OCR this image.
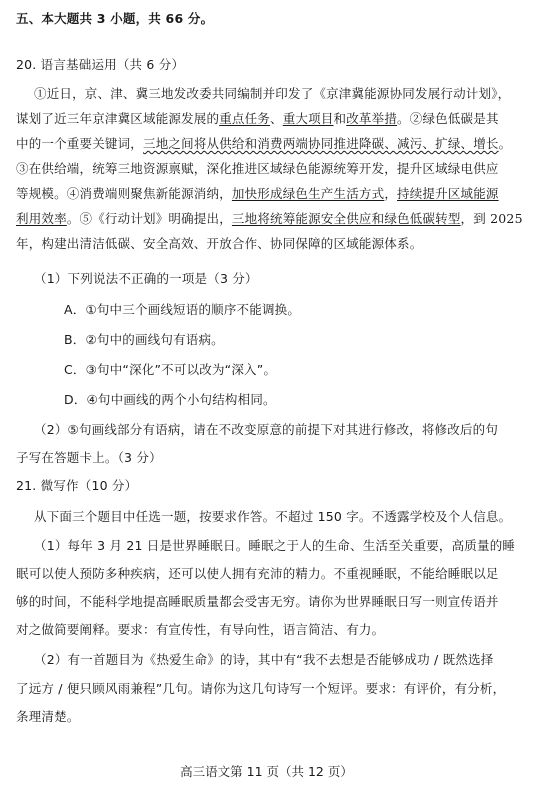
五、本大题共 3 小题，共 66 分。
20. 语言基础运用（共 6 分）
①近日，京、津、冀三地发改委共同编制并印发了《京津冀能源协同发展行动计划》，
谋划了近三年京津冀区域能源发展的重点任务、重大项目和改革举措。②绿色低碳是其
中的一个重要关键词，三地之间将从供给和消费两端协同推进降碳、减污、扩绿、增长。
③在供给端，统筹三地资源禀赋，深化推进区域绿色能源统筹开发，提升区域绿电供应
等规模。④消费端则聚焦新能源消纳，加快形成绿色生产生活方式，持续提升区域能源
利用效率。⑤《行动计划》明确提出，三地将统筹能源安全供应和绿色低碳转型，到 2025
年，构建出清洁低碳、安全高效、开放合作、协同保障的区域能源体系。
（1）下列说法不正确的一项是（3 分）
A．①句中三个画线短语的顺序不能调换。
B．②句中的画线句有语病。
C．③句中“深化”不可以改为“深入”。
D．④句中画线的两个小句结构相同。
（2）⑤句画线部分有语病，请在不改变原意的前提下对其进行修改，将修改后的句
子写在答题卡上。（3 分）
21. 微写作（10 分）
从下面三个题目中任选一题，按要求作答。不超过 150 字。不透露学校及个人信息。
（1）每年 3 月 21 日是世界睡眠日。睡眠之于人的生命、生活至关重要，高质量的睡
眠可以使人预防多种疾病，还可以使人拥有充沛的精力。不重视睡眠，不能给睡眠以足
够的时间，不能科学地提高睡眠质量都会受害无穷。请你为世界睡眠日写一则宣传语并
对之做简要阐释。要求：有宣传性，有导向性，语言简洁、有力。
（2）有一首题目为《热爱生命》的诗，其中有“我不去想是否能够成功 / 既然选择
了远方 / 便只顾风雨兼程”几句。请你为这几句诗写一个短评。要求：有评价，有分析，
条理清楚。
高三语文第 11 页（共 12 页）
